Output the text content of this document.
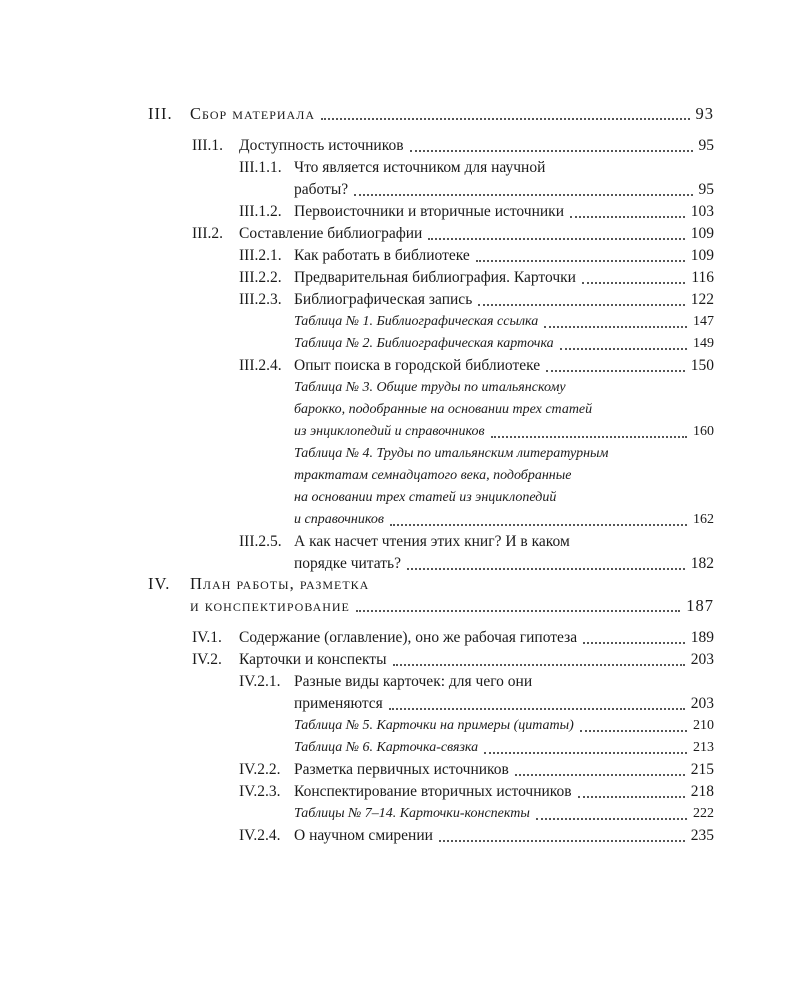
III.	Сбор материала	93
III.1.	Доступность источников	95
III.1.1. Что является источником для научной
работы?	95
III.1.2. Первоисточники и вторичные источники	103
III.2.	Составление библиографии	109
III.2.1. Как работать в библиотеке	109
III.2.2. Предварительная библиография. Карточки	116
III.2.3. Библиографическая запись	122
Таблица № 1. Библиографическая ссылка	147
Таблица № 2. Библиографическая карточка	149
III.2.4. Опыт поиска в городской библиотеке	150
Таблица № 3. Общие труды по итальянскому
барокко, подобранные на основании трех статей
из энциклопедий и справочников	160
Таблица № 4. Труды по итальянским литературным
трактатам семнадцатого века, подобранные
на основании трех статей из энциклопедий
и справочников	162
III.2.5. А как насчет чтения этих книг? И в каком
порядке читать?	182
IV.	План работы, разметка
и конспектирование	187
IV.1.	Содержание (оглавление), оно же рабочая гипотеза	189
IV.2.	Карточки и конспекты	203
IV.2.1. Разные виды карточек: для чего они
применяются	203
Таблица № 5. Карточки на примеры (цитаты)	210
Таблица № 6. Карточка-связка	213
IV.2.2. Разметка первичных источников	215
IV.2.3. Конспектирование вторичных источников	218
Таблицы № 7–14. Карточки-конспекты	222
IV.2.4. О научном смирении	235
